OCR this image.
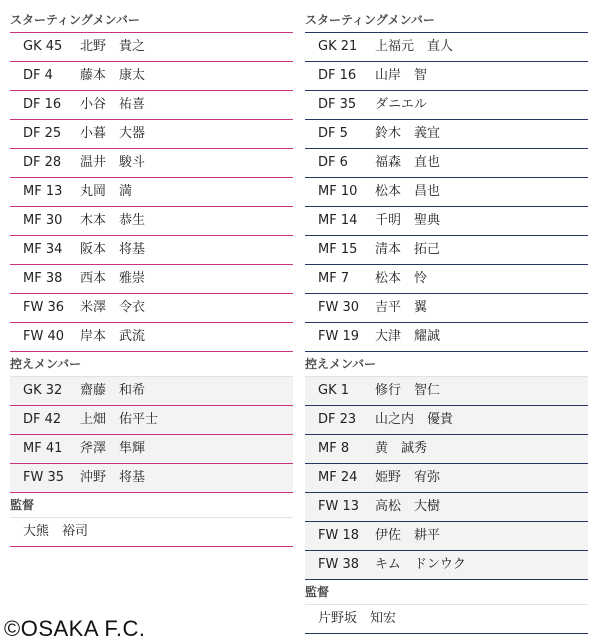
スターティングメンバー
GK 45 北野　貴之
DF 4 藤本　康太
DF 16 小谷　祐喜
DF 25 小暮　大器
DF 28 温井　駿斗
MF 13 丸岡　満
MF 30 木本　恭生
MF 34 阪本　将基
MF 38 西本　雅崇
FW 36 米澤　令衣
FW 40 岸本　武流
控えメンバー
GK 32 齋藤　和希
DF 42 上畑　佑平士
MF 41 斧澤　隼輝
FW 35 沖野　将基
監督
大熊　裕司
スターティングメンバー
GK 21 上福元　直人
DF 16 山岸　智
DF 35 ダニエル
DF 5 鈴木　義宜
DF 6 福森　直也
MF 10 松本　昌也
MF 14 千明　聖典
MF 15 清本　拓己
MF 7 松本　怜
FW 30 吉平　翼
FW 19 大津　耀誠
控えメンバー
GK 1 修行　智仁
DF 23 山之内　優貴
MF 8 黄　誠秀
MF 24 姫野　宥弥
FW 13 高松　大樹
FW 18 伊佐　耕平
FW 38 キム　ドンウク
監督
片野坂　知宏
©OSAKA F.C.
